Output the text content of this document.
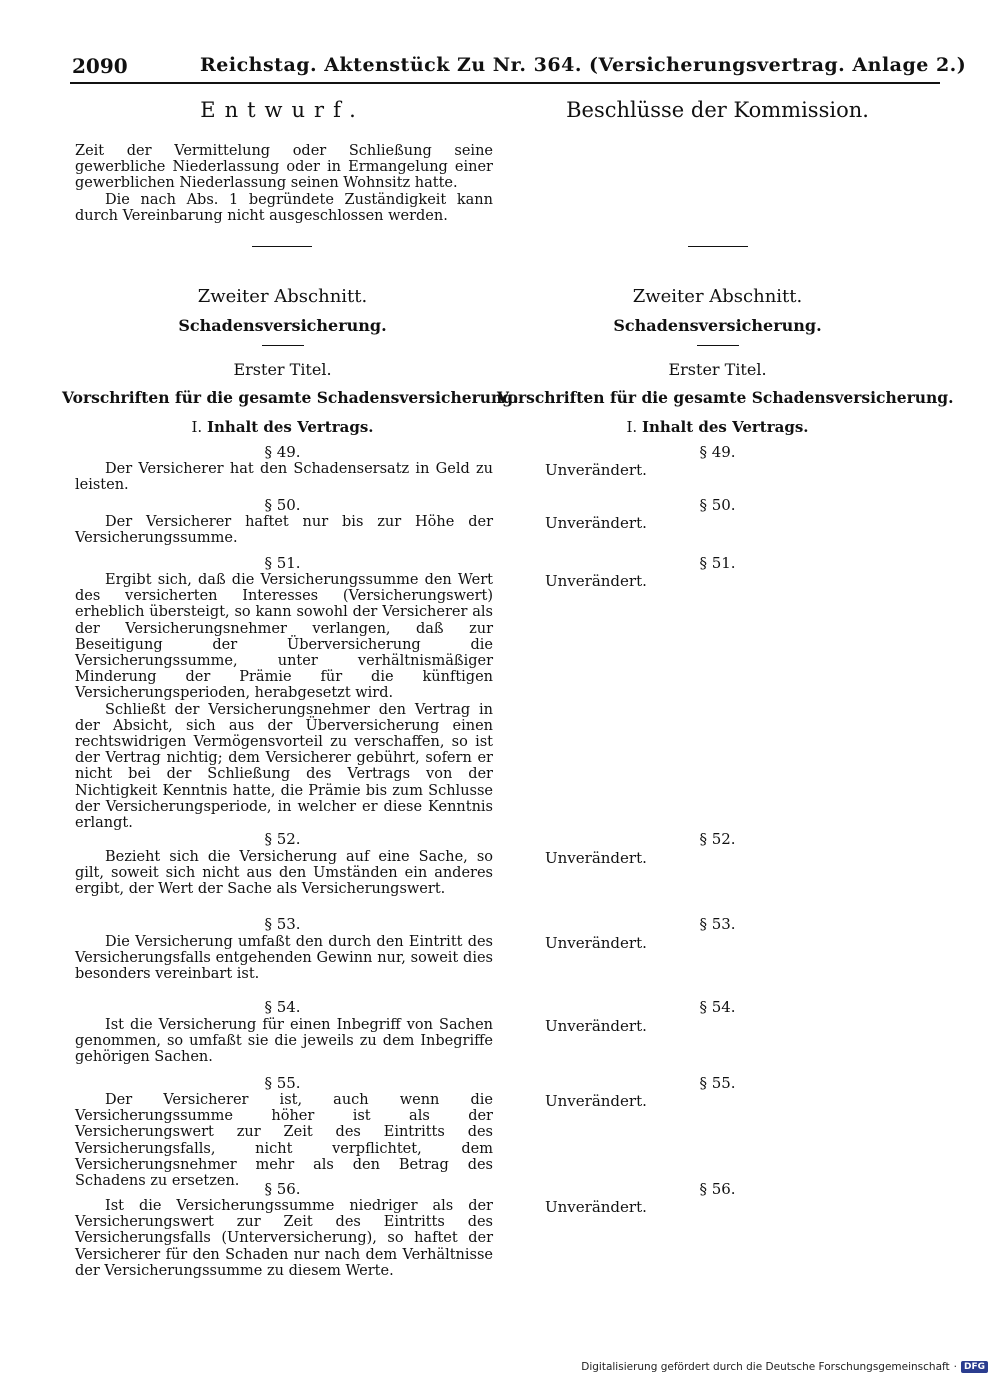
2090	Reichstag. Aktenstück Zu Nr. 364. (Versicherungsvertrag. Anlage 2.)
Entwurf.	Beschlüsse der Kommission.

Zeit der Vermittelung oder Schließung seine gewerbliche Niederlassung oder in Ermangelung einer gewerblichen Niederlassung seinen Wohnsitz hatte.

Die nach Abs. 1 begründete Zuständigkeit kann durch Vereinbarung nicht ausgeschlossen werden.

Zweiter Abschnitt.
Schadensversicherung.
Erster Titel.
Vorschriften für die gesamte Schadensversicherung.
I. Inhalt des Vertrags.
Zweiter Abschnitt.
Schadensversicherung.
Erster Titel.
Vorschriften für die gesamte Schadensversicherung.
I. Inhalt des Vertrags.
§ 49.

Der Versicherer hat den Schadensersatz in Geld zu leisten.

§ 49.
Unverändert.
§ 50.

Der Versicherer haftet nur bis zur Höhe der Versicherungssumme.

§ 50.
Unverändert.
§ 51.

Ergibt sich, daß die Versicherungssumme den Wert des versicherten Interesses (Versicherungswert) erheblich übersteigt, so kann sowohl der Versicherer als der Versicherungsnehmer verlangen, daß zur Beseitigung der Überversicherung die Versicherungssumme, unter verhältnismäßiger Minderung der Prämie für die künftigen Versicherungsperioden, herabgesetzt wird.

Schließt der Versicherungsnehmer den Vertrag in der Absicht, sich aus der Überversicherung einen rechtswidrigen Vermögensvorteil zu verschaffen, so ist der Vertrag nichtig; dem Versicherer gebührt, sofern er nicht bei der Schließung des Vertrags von der Nichtigkeit Kenntnis hatte, die Prämie bis zum Schlusse der Versicherungsperiode, in welcher er diese Kenntnis erlangt.

§ 51.
Unverändert.
§ 52.

Bezieht sich die Versicherung auf eine Sache, so gilt, soweit sich nicht aus den Umständen ein anderes ergibt, der Wert der Sache als Versicherungswert.

§ 52.
Unverändert.
§ 53.

Die Versicherung umfaßt den durch den Eintritt des Versicherungsfalls entgehenden Gewinn nur, soweit dies besonders vereinbart ist.

§ 53.
Unverändert.
§ 54.

Ist die Versicherung für einen Inbegriff von Sachen genommen, so umfaßt sie die jeweils zu dem Inbegriffe gehörigen Sachen.

§ 54.
Unverändert.
§ 55.

Der Versicherer ist, auch wenn die Versicherungssumme höher ist als der Versicherungswert zur Zeit des Eintritts des Versicherungsfalls, nicht verpflichtet, dem Versicherungsnehmer mehr als den Betrag des Schadens zu ersetzen.

§ 55.
Unverändert.
§ 56.

Ist die Versicherungssumme niedriger als der Versicherungswert zur Zeit des Eintritts des Versicherungsfalls (Unterversicherung), so haftet der Versicherer für den Schaden nur nach dem Verhältnisse der Versicherungssumme zu diesem Werte.

§ 56.
Unverändert.
Digitalisierung gefördert durch die Deutsche Forschungsgemeinschaft · DFG
